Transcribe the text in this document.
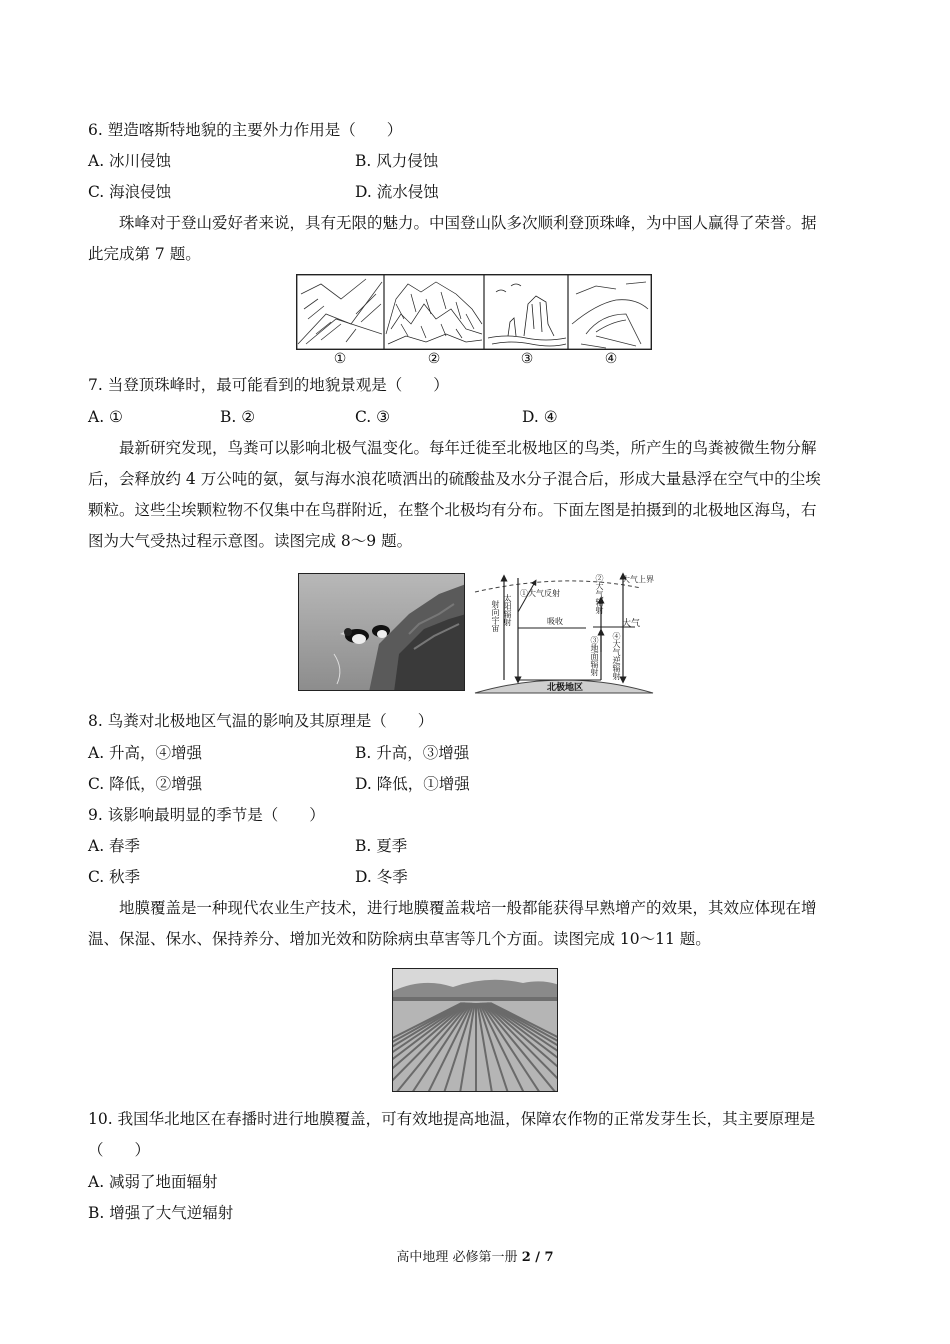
6. 塑造喀斯特地貌的主要外力作用是（　　）
A. 冰川侵蚀	B. 风力侵蚀
C. 海浪侵蚀	D. 流水侵蚀
珠峰对于登山爱好者来说，具有无限的魅力。中国登山队多次顺利登顶珠峰，为中国人赢得了荣誉。据
此完成第 7 题。
①	②	③	④
7. 当登顶珠峰时，最可能看到的地貌景观是（　　）
A. ①	B. ②	C. ③	D. ④
最新研究发现，鸟粪可以影响北极气温变化。每年迁徙至北极地区的鸟类，所产生的鸟粪被微生物分解
后，会释放约 4 万公吨的氨，氨与海水浪花喷洒出的硫酸盐及水分子混合后，形成大量悬浮在空气中的尘埃
颗粒。这些尘埃颗粒物不仅集中在鸟群附近，在整个北极均有分布。下面左图是拍摄到的北极地区海鸟，右
图为大气受热过程示意图。读图完成 8～9 题。
大气上界
太阳辐射
射向宇宙
①大气反射	②大气辐射
吸收	大气
③地面辐射 ④大气逆辐射
北极地区
8. 鸟粪对北极地区气温的影响及其原理是（　　）
A. 升高，④增强	B. 升高，③增强
C. 降低，②增强	D. 降低，①增强
9. 该影响最明显的季节是（　　）
A. 春季	B. 夏季
C. 秋季	D. 冬季
地膜覆盖是一种现代农业生产技术，进行地膜覆盖栽培一般都能获得早熟增产的效果，其效应体现在增
温、保湿、保水、保持养分、增加光效和防除病虫草害等几个方面。读图完成 10～11 题。
10. 我国华北地区在春播时进行地膜覆盖，可有效地提高地温，保障农作物的正常发芽生长，其主要原理是
（　　）
A. 减弱了地面辐射
B. 增强了大气逆辐射
高中地理 必修第一册 2 / 7
